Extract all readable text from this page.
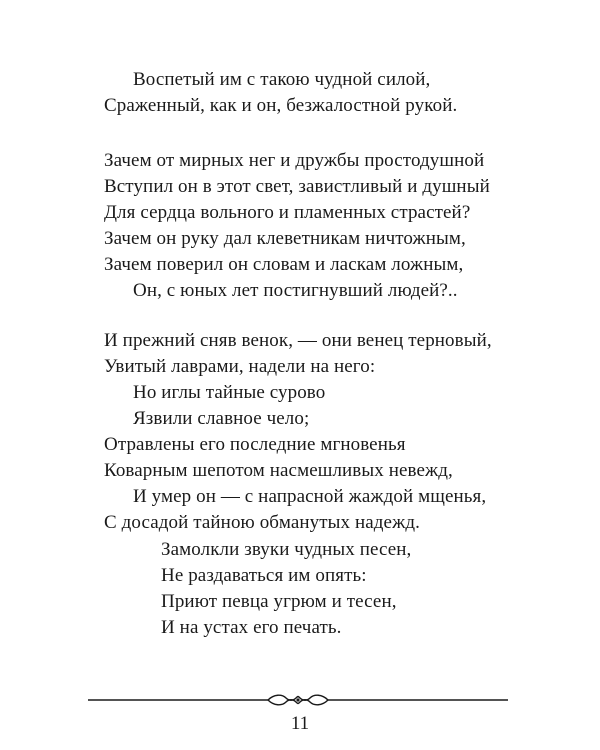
Воспетый им с такою чудной силой,
Сраженный, как и он, безжалостной рукой.
Зачем от мирных нег и дружбы простодушной
Вступил он в этот свет, завистливый и душный
Для сердца вольного и пламенных страстей?
Зачем он руку дал клеветникам ничтожным,
Зачем поверил он словам и ласкам ложным,
Он, с юных лет постигнувший людей?..
И прежний сняв венок, — они венец терновый,
Увитый лаврами, надели на него:
Но иглы тайные сурово
Язвили славное чело;
Отравлены его последние мгновенья
Коварным шепотом насмешливых невежд,
И умер он — с напрасной жаждой мщенья,
С досадой тайною обманутых надежд.
Замолкли звуки чудных песен,
Не раздаваться им опять:
Приют певца угрюм и тесен,
И на устах его печать.
11
